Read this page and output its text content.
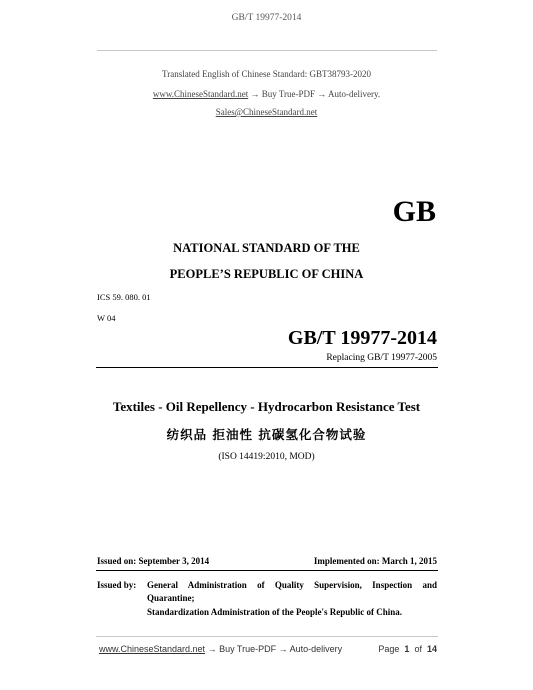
GB/T 19977-2014
Translated English of Chinese Standard: GBT38793-2020
www.ChineseStandard.net → Buy True-PDF → Auto-delivery.
Sales@ChineseStandard.net
GB
NATIONAL STANDARD OF THE
PEOPLE’S REPUBLIC OF CHINA
ICS 59. 080. 01
W 04
GB/T 19977-2014
Replacing GB/T 19977-2005
Textiles - Oil Repellency - Hydrocarbon Resistance Test
纺织品 拒油性 抗碳氢化合物试验
(ISO 14419:2010, MOD)
Issued on: September 3, 2014	Implemented on: March 1, 2015
Issued by: General Administration of Quality Supervision, Inspection and
Quarantine;
Standardization Administration of the People's Republic of China.
www.ChineseStandard.net → Buy True-PDF → Auto-delivery	Page 1 of 14
